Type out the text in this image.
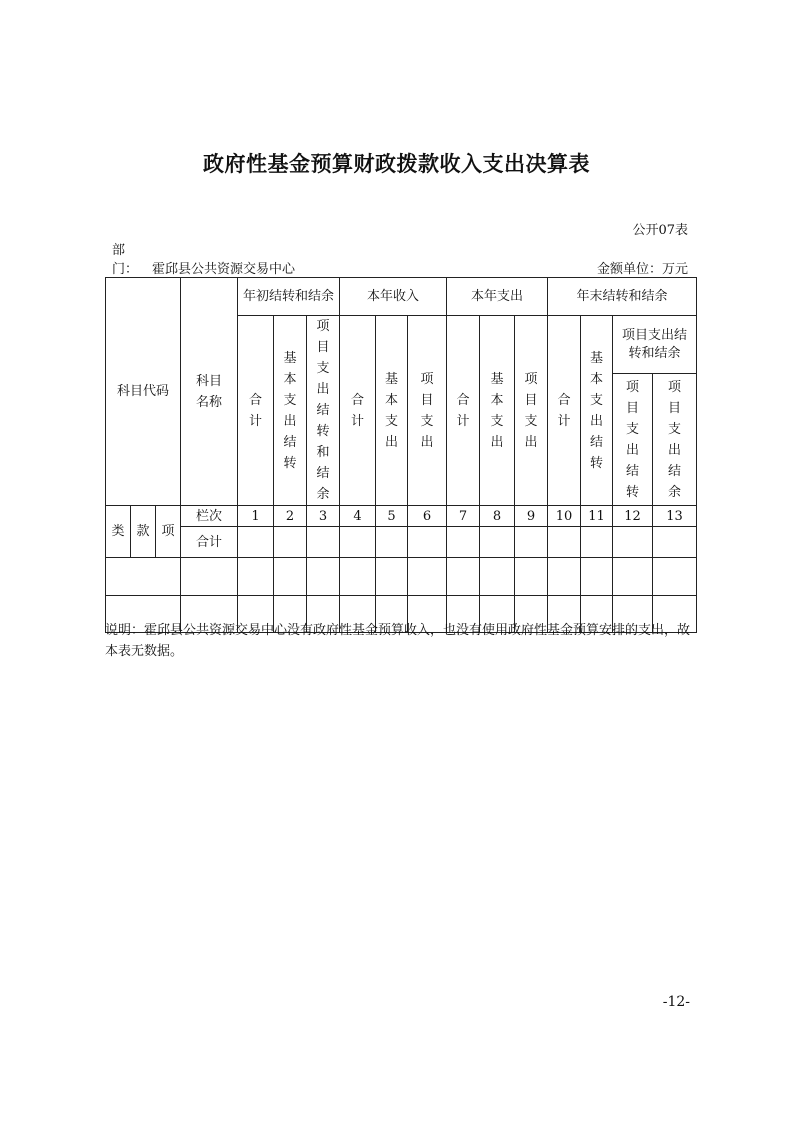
政府性基金预算财政拨款收入支出决算表
公开07表
部
门： 霍邱县公共资源交易中心	金额单位：万元
科目代码			科目名称	年初结转和结余			本年收入			本年支出			年末结转和结余			
				合计	基本支出结转	项目支出结转和结余	合计	基本支出	项目支出	合计	基本支出	项目支出	合计	基本支出结转	项目支出结转和结余	
															项目支出结转	项目支出结余

类	款	项	栏次	1	2	3	4	5	6	7	8	9	10	11	12	13
			合计													

说明：霍邱县公共资源交易中心没有政府性基金预算收入，也没有使用政府性基金预算安排的支出，故本表无数据。
-12-
